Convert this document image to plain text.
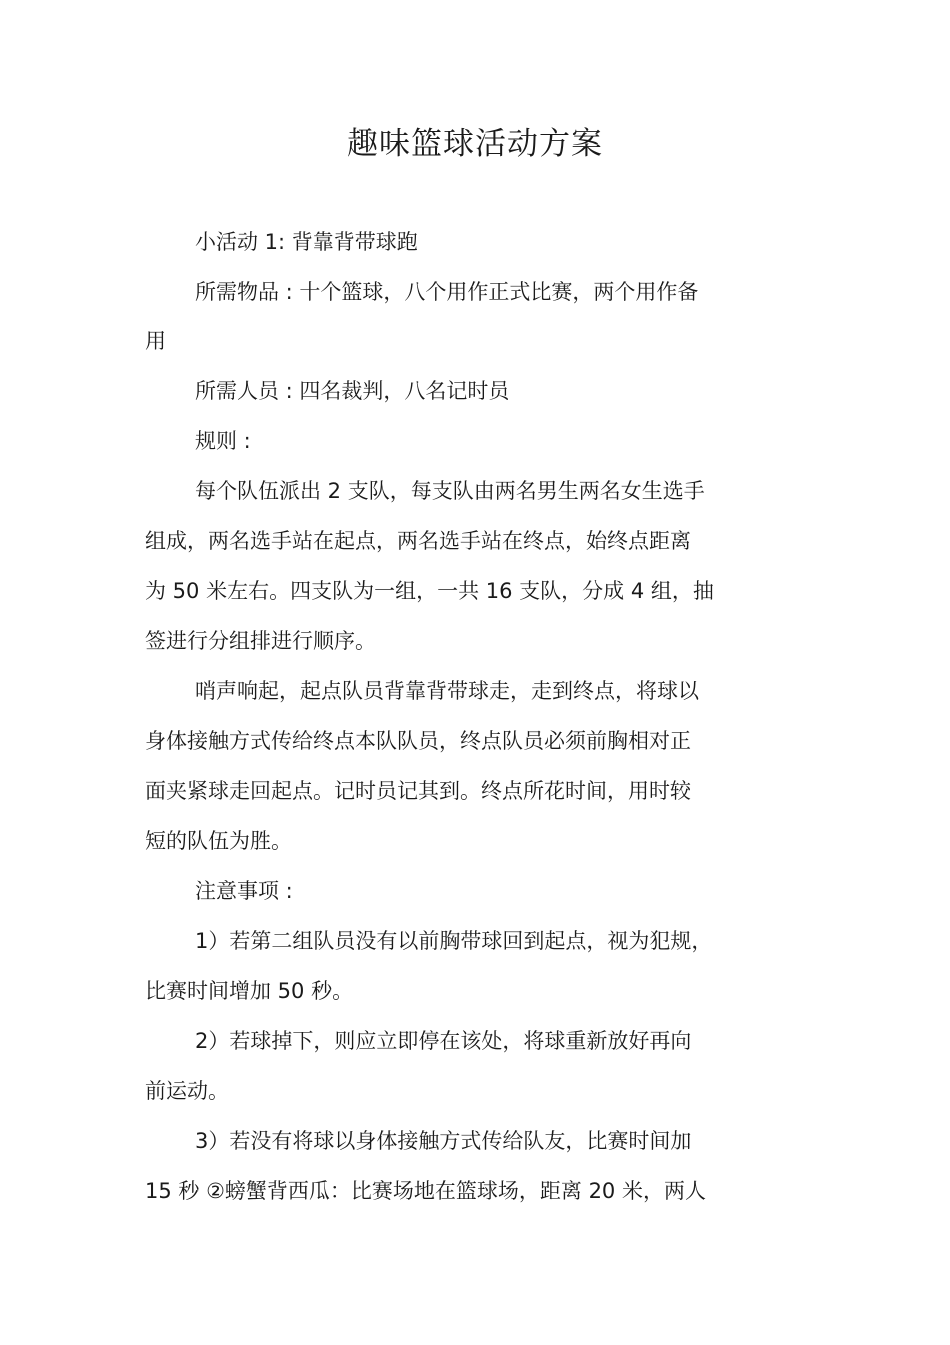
趣味篮球活动方案
小活动 1: 背靠背带球跑
所需物品 : 十个篮球，八个用作正式比赛，两个用作备
用
所需人员 : 四名裁判，八名记时员
规则 :
每个队伍派出 2 支队，每支队由两名男生两名女生选手
组成，两名选手站在起点，两名选手站在终点，始终点距离
为 50 米左右。四支队为一组，一共 16 支队，分成 4 组，抽
签进行分组排进行顺序。
哨声响起，起点队员背靠背带球走，走到终点，将球以
身体接触方式传给终点本队队员，终点队员必须前胸相对正
面夹紧球走回起点。记时员记其到。终点所花时间，用时较
短的队伍为胜。
注意事项 :
1）若第二组队员没有以前胸带球回到起点，视为犯规，
比赛时间增加 50 秒。
2）若球掉下，则应立即停在该处，将球重新放好再向
前运动。
3）若没有将球以身体接触方式传给队友，比赛时间加
15 秒 ②螃蟹背西瓜：比赛场地在篮球场，距离 20 米，两人
